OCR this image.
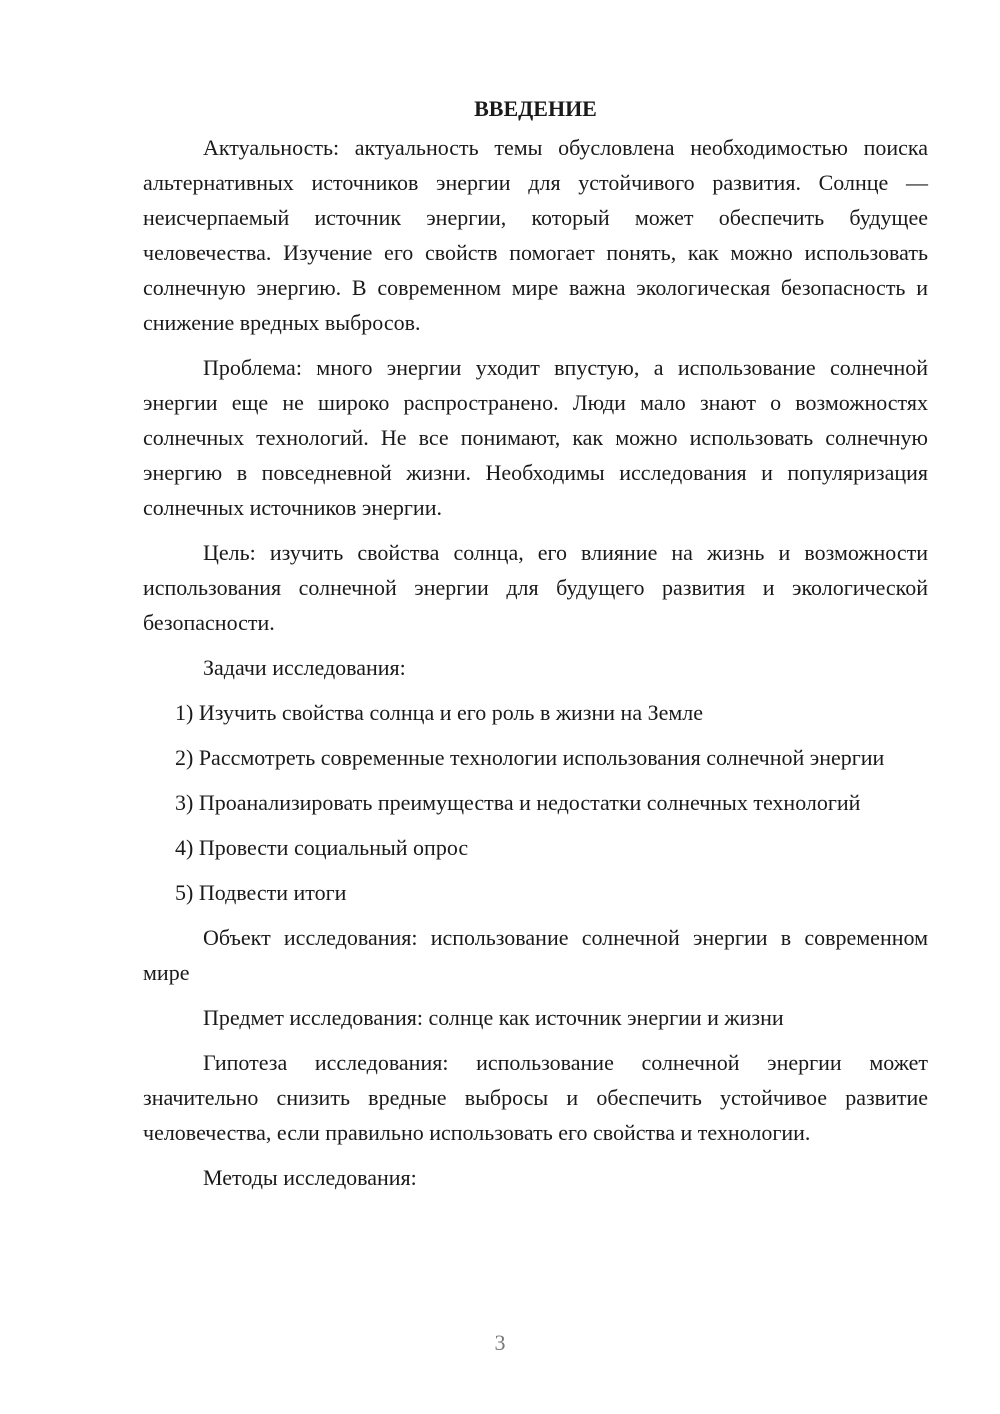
ВВЕДЕНИЕ

Актуальность: актуальность темы обусловлена необходимостью поиска альтернативных источников энергии для устойчивого развития. Солнце — неисчерпаемый источник энергии, который может обеспечить будущее человечества. Изучение его свойств помогает понять, как можно использовать солнечную энергию. В современном мире важна экологическая безопасность и снижение вредных выбросов.

Проблема: много энергии уходит впустую, а использование солнечной энергии еще не широко распространено. Люди мало знают о возможностях солнечных технологий. Не все понимают, как можно использовать солнечную энергию в повседневной жизни. Необходимы исследования и популяризация солнечных источников энергии.

Цель: изучить свойства солнца, его влияние на жизнь и возможности использования солнечной энергии для будущего развития и экологической безопасности.

Задачи исследования:

1) Изучить свойства солнца и его роль в жизни на Земле

2) Рассмотреть современные технологии использования солнечной энергии

3) Проанализировать преимущества и недостатки солнечных технологий

4) Провести социальный опрос

5) Подвести итоги

Объект исследования: использование солнечной энергии в современном мире

Предмет исследования: солнце как источник энергии и жизни

Гипотеза исследования: использование солнечной энергии может значительно снизить вредные выбросы и обеспечить устойчивое развитие человечества, если правильно использовать его свойства и технологии.

Методы исследования:

3
